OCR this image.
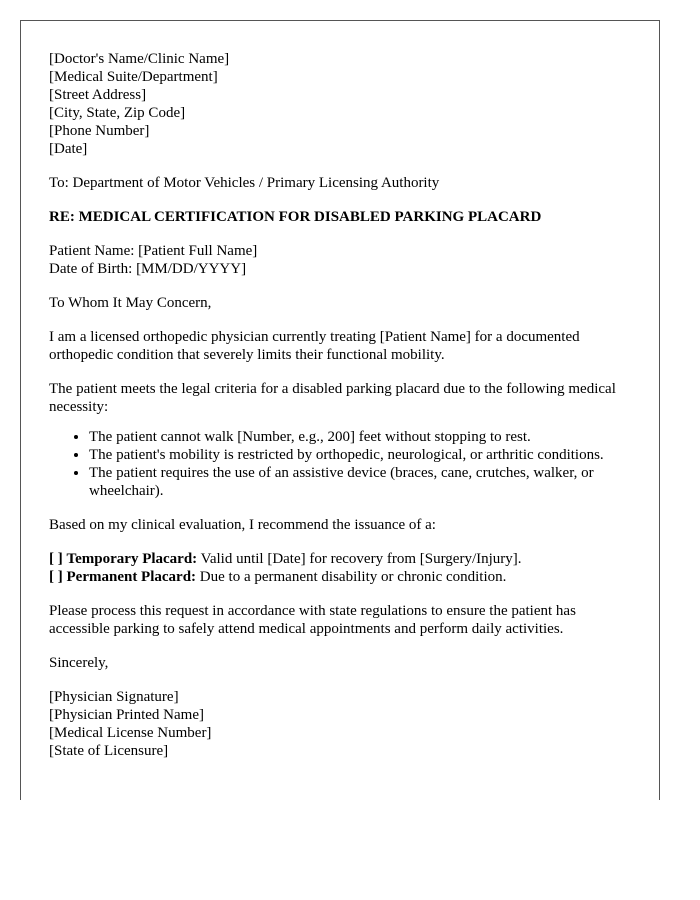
[Doctor's Name/Clinic Name]
[Medical Suite/Department]
[Street Address]
[City, State, Zip Code]
[Phone Number]
[Date]
To: Department of Motor Vehicles / Primary Licensing Authority
RE: MEDICAL CERTIFICATION FOR DISABLED PARKING PLACARD
Patient Name: [Patient Full Name]
Date of Birth: [MM/DD/YYYY]
To Whom It May Concern,
I am a licensed orthopedic physician currently treating [Patient Name] for a documented orthopedic condition that severely limits their functional mobility.
The patient meets the legal criteria for a disabled parking placard due to the following medical necessity:
• The patient cannot walk [Number, e.g., 200] feet without stopping to rest.
• The patient's mobility is restricted by orthopedic, neurological, or arthritic conditions.
• The patient requires the use of an assistive device (braces, cane, crutches, walker, or wheelchair).
Based on my clinical evaluation, I recommend the issuance of a:
[ ] Temporary Placard: Valid until [Date] for recovery from [Surgery/Injury].
[ ] Permanent Placard: Due to a permanent disability or chronic condition.
Please process this request in accordance with state regulations to ensure the patient has accessible parking to safely attend medical appointments and perform daily activities.
Sincerely,
[Physician Signature]
[Physician Printed Name]
[Medical License Number]
[State of Licensure]
